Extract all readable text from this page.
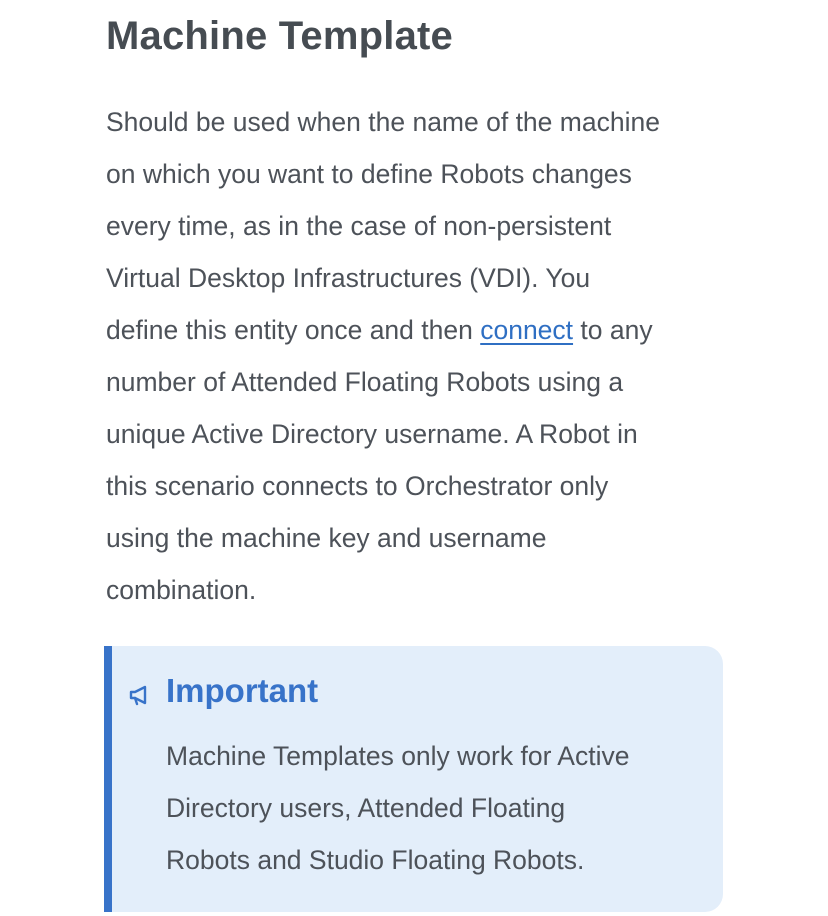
Machine Template

Should be used when the name of the machine
on which you want to define Robots changes
every time, as in the case of non-persistent
Virtual Desktop Infrastructures (VDI). You
define this entity once and then connect to any
number of Attended Floating Robots using a
unique Active Directory username. A Robot in
this scenario connects to Orchestrator only
using the machine key and username
combination.

Important

Machine Templates only work for Active
Directory users, Attended Floating
Robots and Studio Floating Robots.
